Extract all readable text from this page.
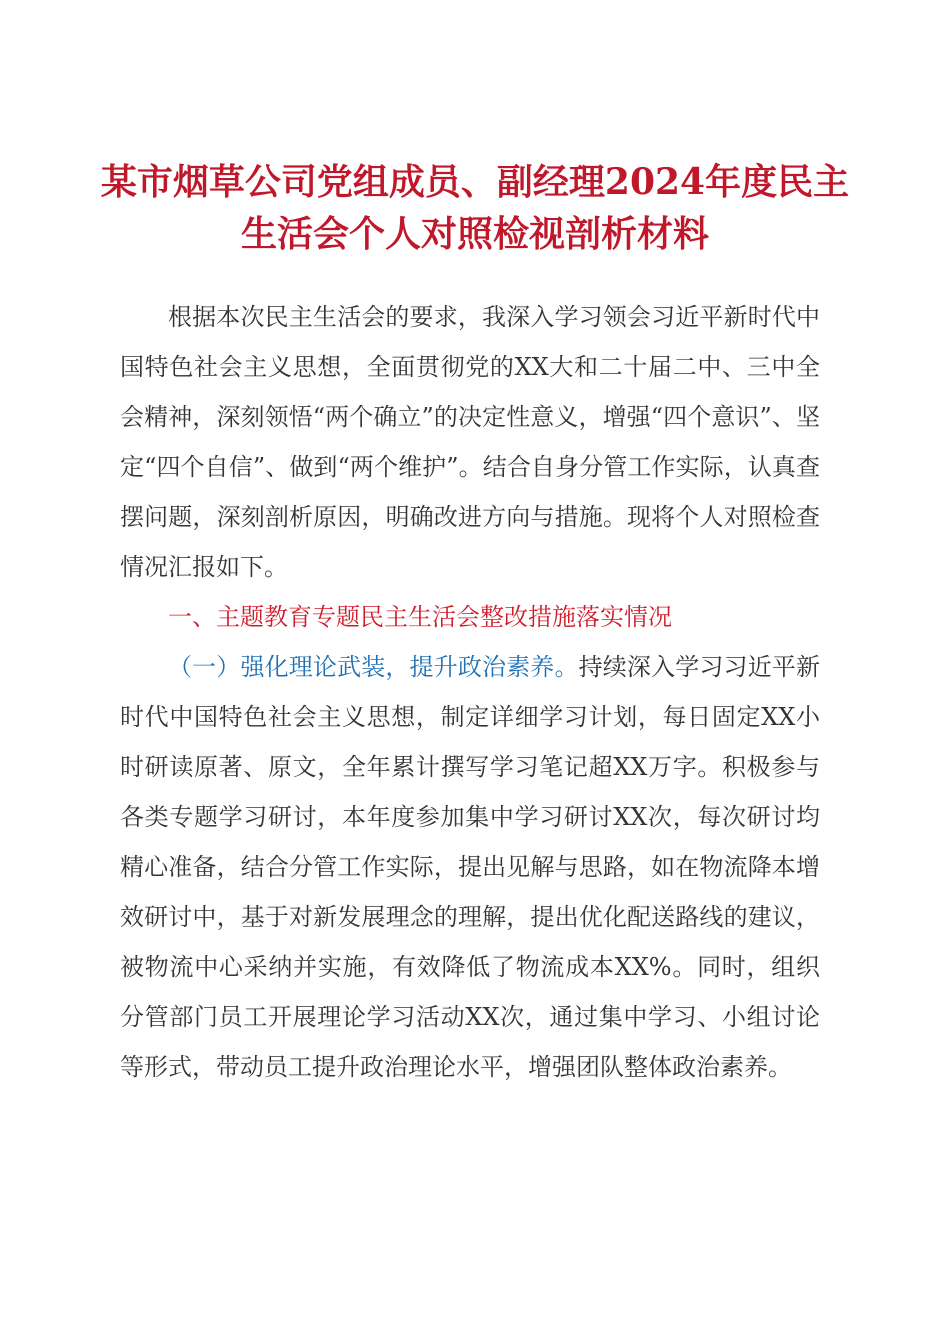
某市烟草公司党组成员、副经理2024年度民主
生活会个人对照检视剖析材料

根据本次民主生活会的要求，我深入学习领会习近平新时代中国特色社会主义思想，全面贯彻党的XX大和二十届二中、三中全会精神，深刻领悟“两个确立”的决定性意义，增强“四个意识”、坚定“四个自信”、做到“两个维护”。结合自身分管工作实际，认真查摆问题，深刻剖析原因，明确改进方向与措施。现将个人对照检查情况汇报如下。

一、主题教育专题民主生活会整改措施落实情况

（一）强化理论武装，提升政治素养。持续深入学习习近平新时代中国特色社会主义思想，制定详细学习计划，每日固定XX小时研读原著、原文，全年累计撰写学习笔记超XX万字。积极参与各类专题学习研讨，本年度参加集中学习研讨XX次，每次研讨均精心准备，结合分管工作实际，提出见解与思路，如在物流降本增效研讨中，基于对新发展理念的理解，提出优化配送路线的建议，被物流中心采纳并实施，有效降低了物流成本XX%。同时，组织分管部门员工开展理论学习活动XX次，通过集中学习、小组讨论等形式，带动员工提升政治理论水平，增强团队整体政治素养。
